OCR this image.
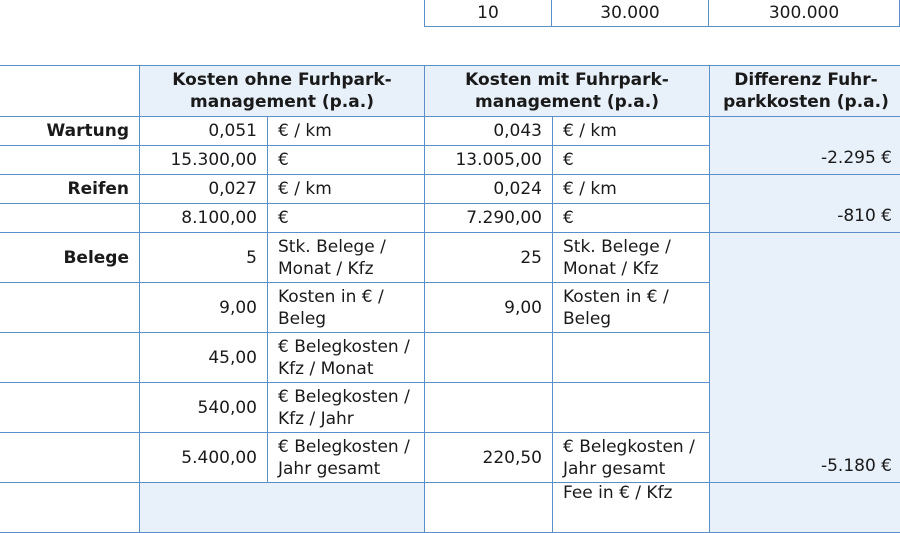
10	30.000	300.000
	Kosten ohne Furhpark-management (p.a.)		Kosten mit Fuhrpark-management (p.a.)		Differenz Fuhr-parkkosten (p.a.)
Wartung	0,051	€ / km	0,043	€ / km	-2.295 €
	15.300,00	€	13.005,00	€	
Reifen	0,027	€ / km	0,024	€ / km	-810 €
	8.100,00	€	7.290,00	€	
Belege	5	Stk. Belege / Monat / Kfz	25	Stk. Belege / Monat / Kfz	-5.180 €
	9,00	Kosten in € / Beleg	9,00	Kosten in € / Beleg	
	45,00	€ Belegkosten / Kfz / Monat			
	540,00	€ Belegkosten / Kfz / Jahr			
	5.400,00	€ Belegkosten / Jahr gesamt	220,50	€ Belegkosten / Jahr gesamt	
				Fee in € / Kfz	
